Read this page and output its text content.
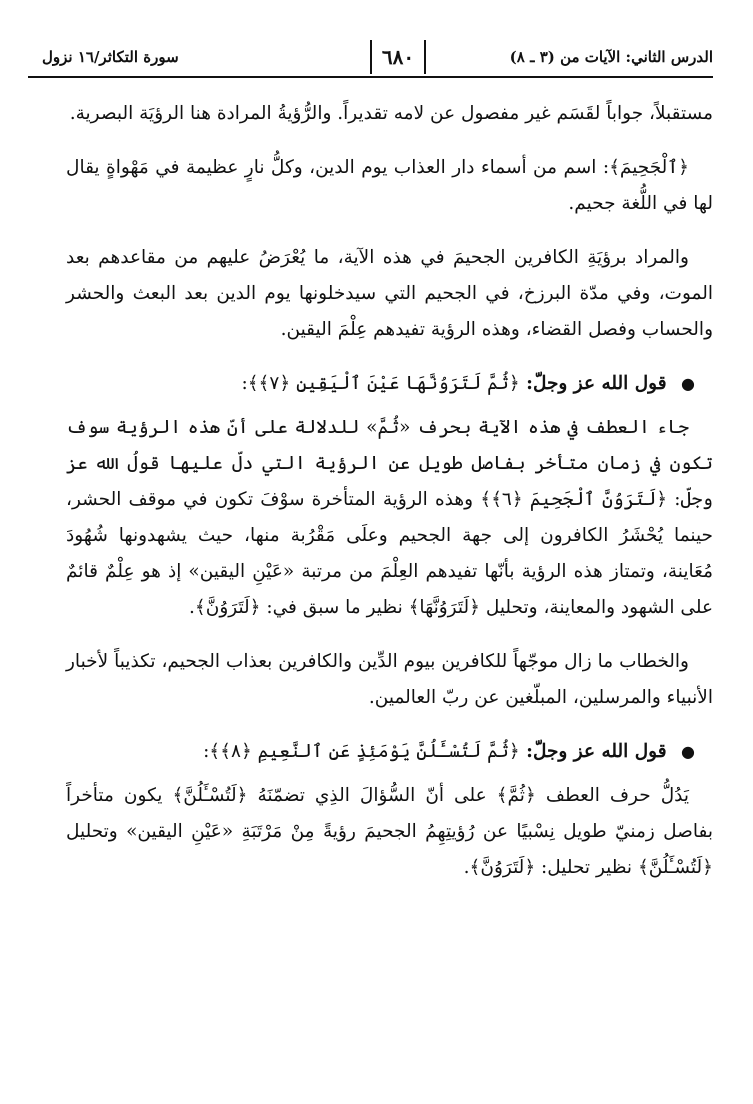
الدرس الثاني: الآيات من (٣ ـ ٨)
٦٨٠
سورة التكاثر/١٦ نزول

مستقبلاً، جواباً لقَسَم غير مفصول عن لامه تقديراً. والرُّؤيةُ المرادة هنا الرؤيَة البصرية.

﴿ٱلْجَحِيمَ﴾: اسم من أسماء دار العذاب يوم الدين، وكلُّ نارٍ عظيمة في مَهْواةٍ يقال لها في اللُّغة جحيم.

والمراد برؤيَةِ الكافرين الجحيمَ في هذه الآية، ما يُعْرَضُ عليهم من مقاعدهم بعد الموت، وفي مدّة البرزخ، في الجحيم التي سيدخلونها يوم الدين بعد البعث والحشر والحساب وفصل القضاء، وهذه الرؤية تفيدهم عِلْمَ اليقين.

● قول الله عز وجلّ: ﴿ثُمَّ لَتَرَوُنَّهَا عَيْنَ ٱلْيَقِينِ ﴿٧﴾﴾:

جاء العطف في هذه الآية بحرف «ثُمَّ» للدلالة على أنّ هذه الرؤية سوف تكون في زمان متأخر بفاصل طويل عن الرؤية التي دلّ عليها قولُ الله عز وجلّ: ﴿لَتَرَوُنَّ ٱلْجَحِيمَ ﴿٦﴾﴾ وهذه الرؤية المتأخرة سوْفَ تكون في موقف الحشر، حينما يُحْشَرُ الكافرون إلى جهة الجحيم وعلَى مَقْرُبة منها، حيث يشهدونها شُهُودَ مُعَاينة، وتمتاز هذه الرؤية بأنّها تفيدهم العِلْمَ من مرتبة «عَيْنِ اليقين» إذ هو عِلْمٌ قائمٌ على الشهود والمعاينة، وتحليل ﴿لَتَرَوُنَّهَا﴾ نظير ما سبق في: ﴿لَتَرَوُنَّ﴾.

والخطاب ما زال موجّهاً للكافرين بيوم الدِّين والكافرين بعذاب الجحيم، تكذيباً لأخبار الأنبياء والمرسلين، المبلّغين عن ربّ العالمين.

● قول الله عز وجلّ: ﴿ثُمَّ لَتُسْـَٔلُنَّ يَوْمَئِذٍ عَنِ ٱلنَّعِيمِ ﴿٨﴾﴾:

يَدُلُّ حرف العطف ﴿ثُمَّ﴾ على أنّ السُّؤالَ الذِي تضمّنَهُ ﴿لَتُسْـَٔلُنَّ﴾ يكون متأخراً بفاصل زمنيّ طويل نِسْبيًا عن رُؤيتِهِمُ الجحيمَ رؤيةً مِنْ مَرْتَبَةِ «عَيْنِ اليقين» وتحليل ﴿لَتُسْـَٔلُنَّ﴾ نظير تحليل: ﴿لَتَرَوُنَّ﴾.
